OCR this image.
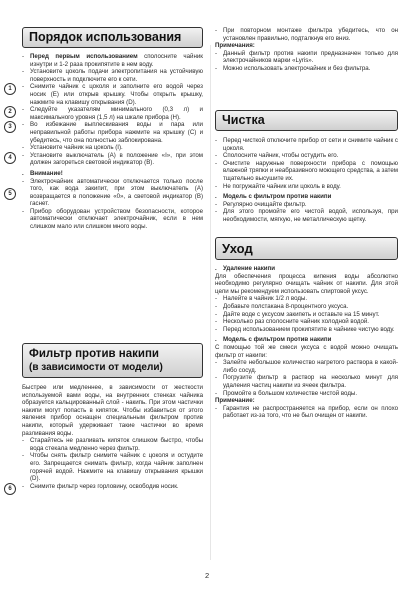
Порядок использования
- Перед первым использованием сполосните чайник изнутри и 1-2 раза прокипятите в нем воду.
- Установите цоколь подачи электропитания на устойчивую поверхность и подключите его к сети.
1	- Снимите чайник с цоколя и заполните его водой через носик (E) или открыв крышку. Чтобы открыть крышку, нажмите на клавишу открывания (D).
2	- Следуйте указателям минимального (0,3 л) и максимального уровня (1,5 л) на шкале прибора (H).
3	- Во избежание выплескивания воды и пара или неправильной работы прибора нажмите на крышку (C) и убедитесь, что она полностью заблокирована.
- Установите чайник на цоколь (I).
4	- Установите выключатель (A) в положение «I», при этом должен загореться световой индикатор (B).
. Внимание!
5
- Электрочайник автоматически отключается только после того, как вода закипит, при этом выключатель (A) возвращается в положение «0», а световой индикатор (B) гаснет.
- Прибор оборудован устройством безопасности, которое автоматически отключает электрочайник, если в нем слишком мало или слишком много воды.
Фильтр против накипи
(в зависимости от модели)
Быстрее или медленнее, в зависимости от жесткости используемой вами воды, на внутренних стенках чайника образуется кальцированный слой - накипь. При этом частички накипи могут попасть в кипяток. Чтобы избавиться от этого явления прибор оснащен специальным фильтром против накипи, который удерживает такие частички во время разливания воды.
- Старайтесь не разливать кипяток слишком быстро, чтобы вода стекала медленно через фильтр.
- Чтобы снять фильтр снимите чайник с цоколя и остудите его. Запрещается снимать фильтр, когда чайник заполнен горячей водой. Нажмите на клавишу открывания крышки (D).
6	- Снимите фильтр через горловину, освободив носик.
- При повторном монтаже фильтра убедитесь, что он установлен правильно, подталкнув его вниз.
Примечания:
- Данный фильтр против накипи предназначен только для электрочайников марки «Lyris».
- Можно использовать электрочайник и без фильтра.
Чистка
- Перед чисткой отключите прибор от сети и снимите чайник с цоколя.
- Сполосните чайник, чтобы остудить его.
- Очистите наружные поверхности прибора с помощью влажной тряпки и неабразивного моющего средства, а затем тщательно высушите их.
- Не погружайте чайник или цоколь в воду.
. Модель с фильтром против накипи
- Регулярно очищайте фильтр.
- Для этого промойте его чистой водой, используя, при необходимости, мягкую, не металлическую щетку.
Уход
. Удаление накипи
Для обеспечения процесса кипения воды абсолютно необходимо регулярно очищать чайник от накипи. Для этой цели мы рекомендуем использовать спиртовой уксус.
- Налейте в чайник 1/2 л воды.
- Добавьте полстакана 8-процентного уксуса.
- Дайте воде с уксусом закипеть и оставьте на 15 минут.
- Несколько раз сполосните чайник холодной водой.
- Перед использованием прокипятите в чайнике чистую воду.
. Модель с фильтром против накипи
С помощью той же смеси уксуса с водой можно очищать фильтр от накипи:
- Залейте небольшое количество нагретого раствора в какой-либо сосуд.
- Погрузите фильтр в раствор на несколько минут для удаления частиц накипи из ячеек фильтра.
- Промойте в большом количестве чистой воды.
Примечание:
- Гарантия не распространяется на прибор, если он плохо работает из-за того, что не был очищен от накипи.
2
